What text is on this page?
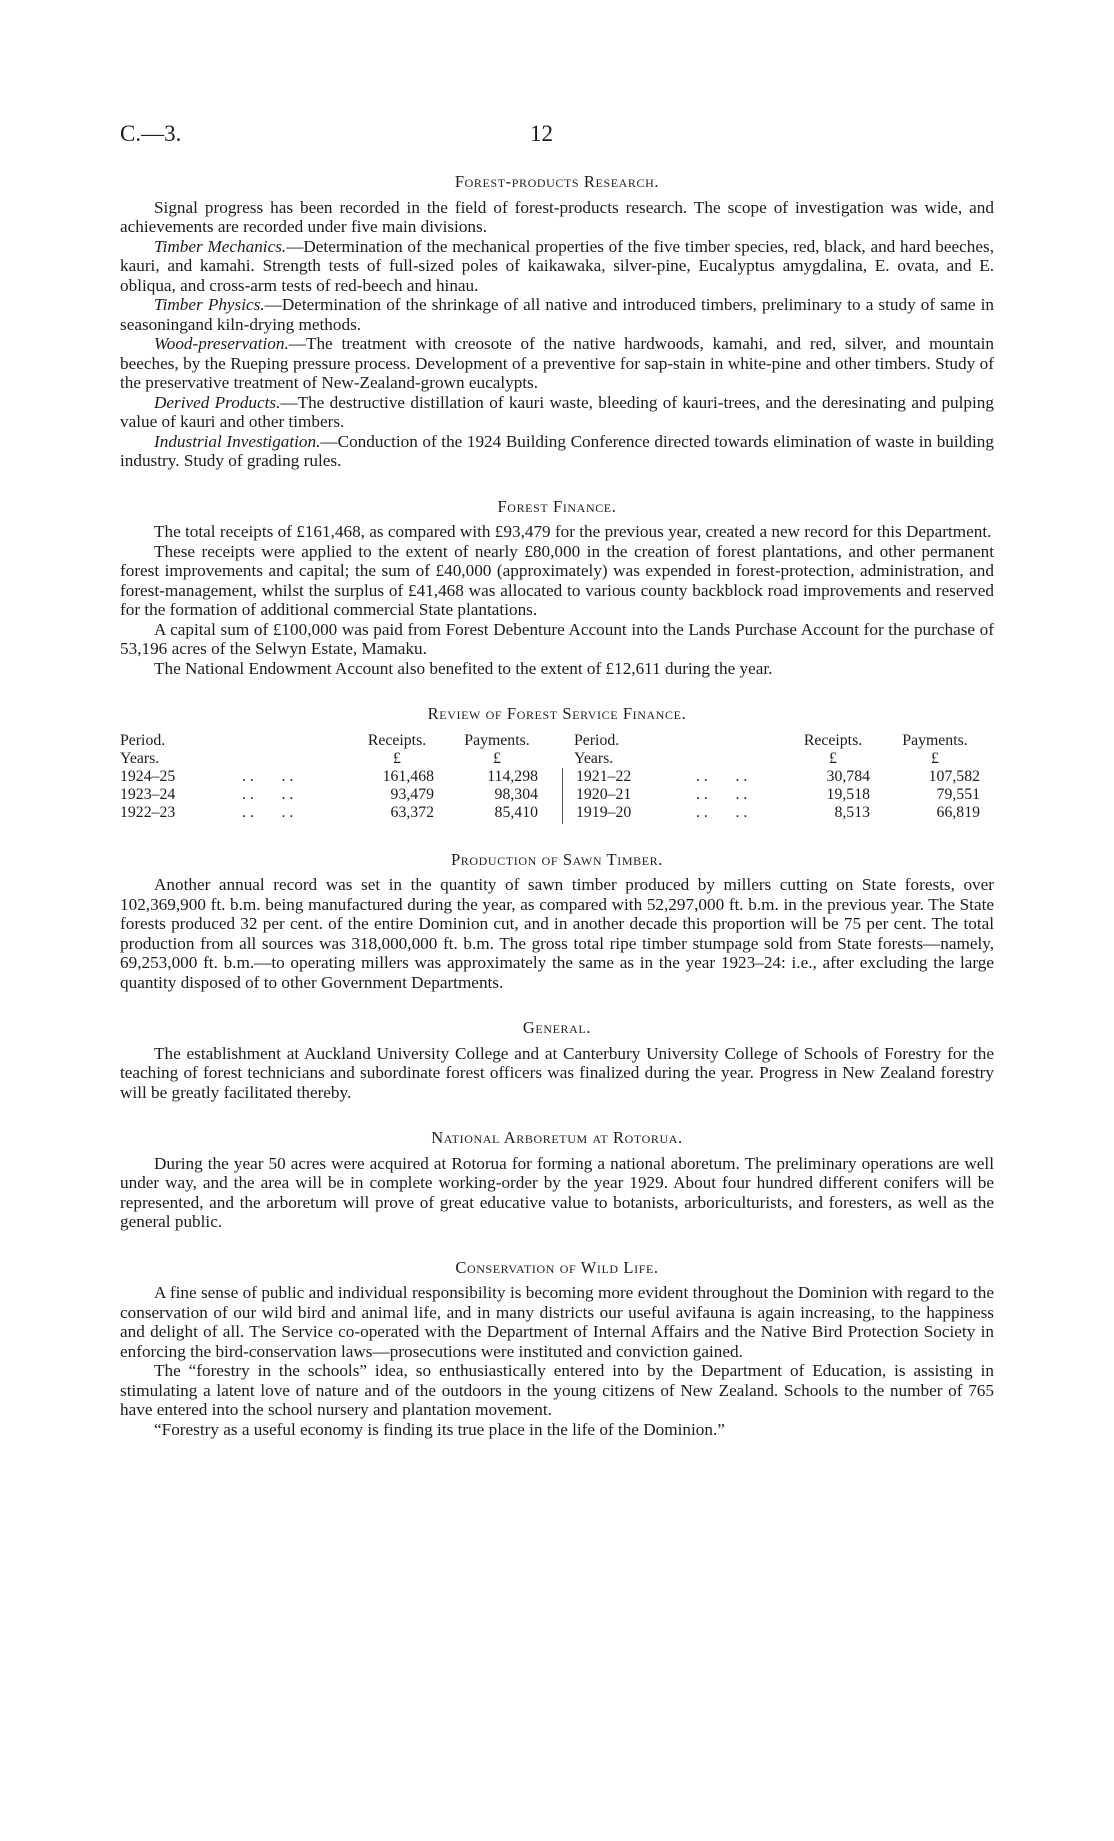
C.—3.	12
Forest-products Research.

Signal progress has been recorded in the field of forest-products research. The scope of investigation was wide, and achievements are recorded under five main divisions.

Timber Mechanics.—Determination of the mechanical properties of the five timber species, red, black, and hard beeches, kauri, and kamahi. Strength tests of full-sized poles of kaikawaka, silver-pine, Eucalyptus amygdalina, E. ovata, and E. obliqua, and cross-arm tests of red-beech and hinau.

Timber Physics.—Determination of the shrinkage of all native and introduced timbers, preliminary to a study of same in seasoningand kiln-drying methods.

Wood-preservation.—The treatment with creosote of the native hardwoods, kamahi, and red, silver, and mountain beeches, by the Rueping pressure process. Development of a preventive for sap-stain in white-pine and other timbers. Study of the preservative treatment of New-Zealand-grown eucalypts.

Derived Products.—The destructive distillation of kauri waste, bleeding of kauri-trees, and the deresinating and pulping value of kauri and other timbers.

Industrial Investigation.—Conduction of the 1924 Building Conference directed towards elimination of waste in building industry. Study of grading rules.

Forest Finance.

The total receipts of £161,468, as compared with £93,479 for the previous year, created a new record for this Department.

These receipts were applied to the extent of nearly £80,000 in the creation of forest plantations, and other permanent forest improvements and capital; the sum of £40,000 (approximately) was expended in forest-protection, administration, and forest-management, whilst the surplus of £41,468 was allocated to various county backblock road improvements and reserved for the formation of additional commercial State plantations.

A capital sum of £100,000 was paid from Forest Debenture Account into the Lands Purchase Account for the purchase of 53,196 acres of the Selwyn Estate, Mamaku.

The National Endowment Account also benefited to the extent of £12,611 during the year.

Review of Forest Service Finance.
Period.	Receipts.	Payments.	Period.	Receipts.	Payments.
Years.	£	£	Years.	£	£
1924–25	. .       . .	161,468	114,298 1921–22	. .       . .	30,784	107,582
1923–24	. .       . .	93,479	98,304 1920–21	. .       . .	19,518	79,551
1922–23	. .       . .	63,372	85,410 1919–20	. .       . .	8,513	66,819
Production of Sawn Timber.

Another annual record was set in the quantity of sawn timber produced by millers cutting on State forests, over 102,369,900 ft. b.m. being manufactured during the year, as compared with 52,297,000 ft. b.m. in the previous year. The State forests produced 32 per cent. of the entire Dominion cut, and in another decade this proportion will be 75 per cent. The total production from all sources was 318,000,000 ft. b.m. The gross total ripe timber stumpage sold from State forests—namely, 69,253,000 ft. b.m.—to operating millers was approximately the same as in the year 1923–24: i.e., after excluding the large quantity disposed of to other Government Departments.

General.

The establishment at Auckland University College and at Canterbury University College of Schools of Forestry for the teaching of forest technicians and subordinate forest officers was finalized during the year. Progress in New Zealand forestry will be greatly facilitated thereby.

National Arboretum at Rotorua.

During the year 50 acres were acquired at Rotorua for forming a national aboretum. The preliminary operations are well under way, and the area will be in complete working-order by the year 1929. About four hundred different conifers will be represented, and the arboretum will prove of great educative value to botanists, arboriculturists, and foresters, as well as the general public.

Conservation of Wild Life.

A fine sense of public and individual responsibility is becoming more evident throughout the Dominion with regard to the conservation of our wild bird and animal life, and in many districts our useful avifauna is again increasing, to the happiness and delight of all. The Service co-operated with the Department of Internal Affairs and the Native Bird Protection Society in enforcing the bird-conservation laws—prosecutions were instituted and conviction gained.

The “forestry in the schools” idea, so enthusiastically entered into by the Department of Education, is assisting in stimulating a latent love of nature and of the outdoors in the young citizens of New Zealand. Schools to the number of 765 have entered into the school nursery and plantation movement.

“Forestry as a useful economy is finding its true place in the life of the Dominion.”
